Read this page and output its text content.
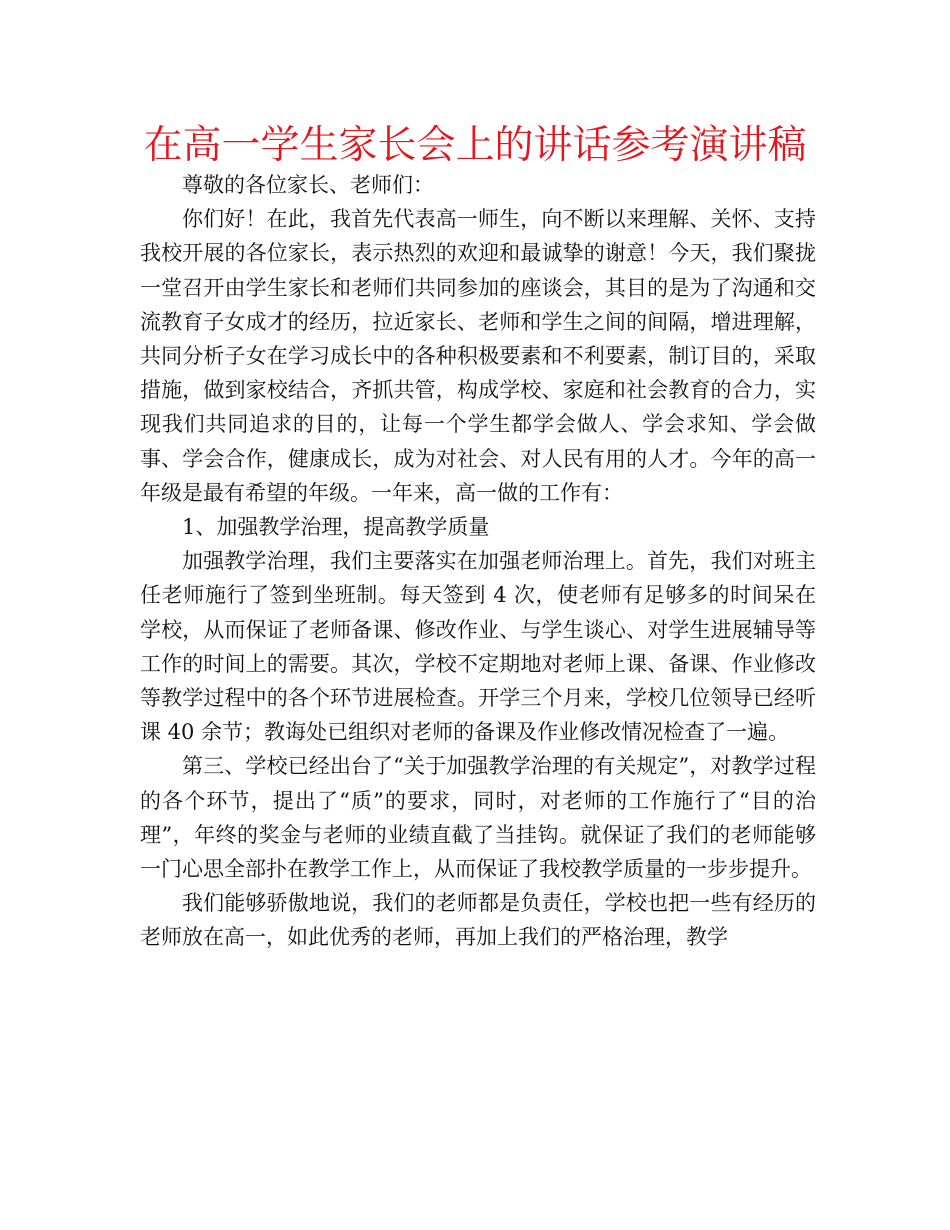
在高一学生家长会上的讲话参考演讲稿

尊敬的各位家长、老师们：

你们好！在此，我首先代表高一师生，向不断以来理解、关怀、支持我校开展的各位家长，表示热烈的欢迎和最诚挚的谢意！今天，我们聚拢一堂召开由学生家长和老师们共同参加的座谈会，其目的是为了沟通和交流教育子女成才的经历，拉近家长、老师和学生之间的间隔，增进理解，共同分析子女在学习成长中的各种积极要素和不利要素，制订目的，采取措施，做到家校结合，齐抓共管，构成学校、家庭和社会教育的合力，实现我们共同追求的目的，让每一个学生都学会做人、学会求知、学会做事、学会合作，健康成长，成为对社会、对人民有用的人才。今年的高一年级是最有希望的年级。一年来，高一做的工作有：

1、加强教学治理，提高教学质量

加强教学治理，我们主要落实在加强老师治理上。首先，我们对班主任老师施行了签到坐班制。每天签到 4 次，使老师有足够多的时间呆在学校，从而保证了老师备课、修改作业、与学生谈心、对学生进展辅导等工作的时间上的需要。其次，学校不定期地对老师上课、备课、作业修改等教学过程中的各个环节进展检查。开学三个月来，学校几位领导已经听课 40 余节；教诲处已组织对老师的备课及作业修改情况检查了一遍。

第三、学校已经出台了“关于加强教学治理的有关规定”，对教学过程的各个环节，提出了“质”的要求，同时，对老师的工作施行了“目的治理”，年终的奖金与老师的业绩直截了当挂钩。就保证了我们的老师能够一门心思全部扑在教学工作上，从而保证了我校教学质量的一步步提升。

我们能够骄傲地说，我们的老师都是负责任，学校也把一些有经历的老师放在高一，如此优秀的老师，再加上我们的严格治理，教学
